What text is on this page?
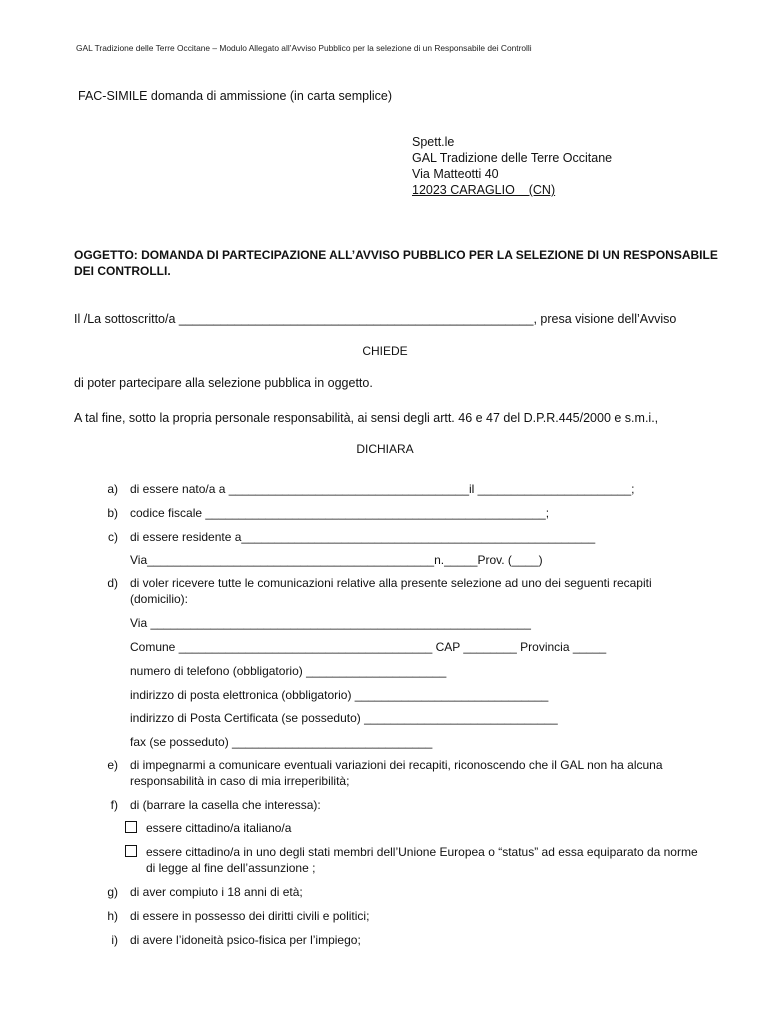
GAL Tradizione delle Terre Occitane – Modulo Allegato all’Avviso Pubblico per la selezione di un Responsabile dei Controlli
FAC-SIMILE domanda di ammissione (in carta semplice)
Spett.le
GAL Tradizione delle Terre Occitane
Via Matteotti 40
12023 CARAGLIO    (CN)
OGGETTO: DOMANDA DI PARTECIPAZIONE ALL’AVVISO PUBBLICO PER LA SELEZIONE DI UN RESPONSABILE
DEI CONTROLLI.
Il /La sottoscritto/a ___________________________________________________, presa visione dell’Avviso
CHIEDE
di poter partecipare alla selezione pubblica in oggetto.
A tal fine, sotto la propria personale responsabilità, ai sensi degli artt. 46 e 47 del D.P.R.445/2000 e s.m.i.,
DICHIARA
a) di essere nato/a a ____________________________________il _______________________;
b) codice fiscale ___________________________________________________;
c) di essere residente a_____________________________________________________
Via___________________________________________n._____Prov. (____)
d) di voler ricevere tutte le comunicazioni relative alla presente selezione ad uno dei seguenti recapiti (domicilio):
Via _________________________________________________________
Comune ______________________________________ CAP ________ Provincia _____
numero di telefono (obbligatorio) _____________________
indirizzo di posta elettronica (obbligatorio) _____________________________
indirizzo di Posta Certificata (se posseduto) _____________________________
fax (se posseduto) ______________________________
e) di impegnarmi a comunicare eventuali variazioni dei recapiti, riconoscendo che il GAL non ha alcuna responsabilità in caso di mia irreperibilità;
f) di (barrare la casella che interessa):
essere cittadino/a italiano/a
essere cittadino/a in uno degli stati membri dell’Unione Europea o “status” ad essa equiparato da norme di legge al fine dell’assunzione ;
g) di aver compiuto i 18 anni di età;
h) di essere in possesso dei diritti civili e politici;
i) di avere l’idoneità psico-fisica per l’impiego;
